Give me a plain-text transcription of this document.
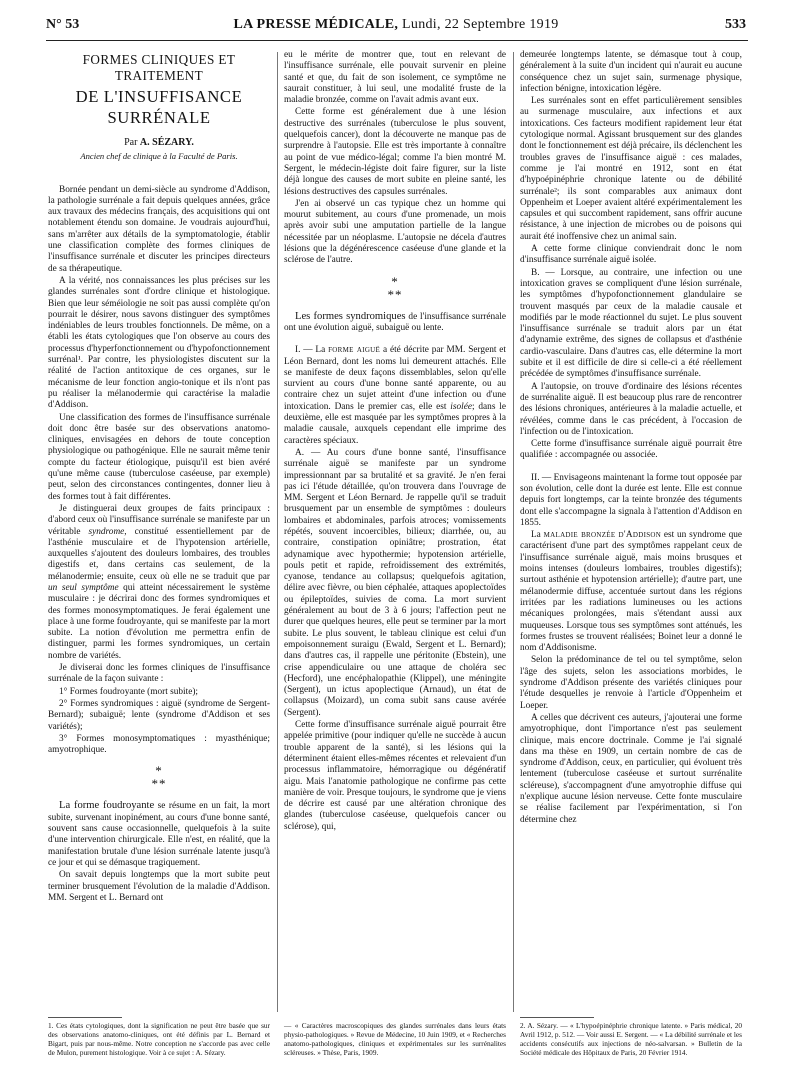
N° 53	LA PRESSE MÉDICALE, Lundi, 22 Septembre 1919	533
FORMES CLINIQUES ET TRAITEMENT
DE L'INSUFFISANCE SURRÉNALE
Par A. SÉZARY.
Ancien chef de clinique à la Faculté de Paris.

Bornée pendant un demi-siècle au syndrome d'Addison, la pathologie surrénale a fait depuis quelques années, grâce aux travaux des médecins français, des acquisitions qui ont notablement étendu son domaine. Je voudrais aujourd'hui, sans m'arrêter aux détails de la symptomatologie, établir une classification complète des formes cliniques de l'insuffisance surrénale et discuter les principes directeurs de sa thérapeutique.

A la vérité, nos connaissances les plus précises sur les glandes surrénales sont d'ordre clinique et histologique. Bien que leur séméiologie ne soit pas aussi complète qu'on pourrait le désirer, nous savons distinguer des symptômes indéniables de leurs troubles fonctionnels. De même, on a établi les états cytologiques que l'on observe au cours des processus d'hyperfonctionnement ou d'hypofonctionnement surrénal¹. Par contre, les physiologistes discutent sur la réalité de l'action antitoxique de ces organes, sur le mécanisme de leur fonction angio-tonique et ils n'ont pas pu réaliser la mélanodermie qui caractérise la maladie d'Addison.

Une classification des formes de l'insuffisance surrénale doit donc être basée sur des observations anatomo-cliniques, envisagées en dehors de toute conception physiologique ou pathogénique. Elle ne saurait même tenir compte du facteur étiologique, puisqu'il est bien avéré qu'une même cause (tuberculose caséeuse, par exemple) peut, selon des circonstances contingentes, donner lieu à des formes tout à fait différentes.

Je distinguerai deux groupes de faits principaux : d'abord ceux où l'insuffisance surrénale se manifeste par un véritable syndrome, constitué essentiellement par de l'asthénie musculaire et de l'hypotension artérielle, auxquelles s'ajoutent des douleurs lombaires, des troubles digestifs et, dans certains cas seulement, de la mélanodermie; ensuite, ceux où elle ne se traduit que par un seul symptôme qui atteint nécessairement le système musculaire : je décrirai donc des formes syndromiques et des formes monosymptomatiques. Je ferai également une place à une forme foudroyante, qui se manifeste par la mort subite. La notion d'évolution me permettra enfin de distinguer, parmi les formes syndromiques, un certain nombre de variétés.

Je diviserai donc les formes cliniques de l'insuffisance surrénale de la façon suivante :

1° Formes foudroyante (mort subite);

2° Formes syndromiques : aiguë (syndrome de Sergent-Bernard); subaiguë; lente (syndrome d'Addison et ses variétés);

3° Formes monosymptomatiques : myasthénique; amyotrophique.

*
**

La forme foudroyante se résume en un fait, la mort subite, survenant inopinément, au cours d'une bonne santé, souvent sans cause occasionnelle, quelquefois à la suite d'une intervention chirurgicale. Elle n'est, en réalité, que la manifestation brutale d'une lésion surrénale latente jusqu'à ce jour et qui se démasque tragiquement.

On savait depuis longtemps que la mort subite peut terminer brusquement l'évolution de la maladie d'Addison. MM. Sergent et L. Bernard ont

eu le mérite de montrer que, tout en relevant de l'insuffisance surrénale, elle pouvait survenir en pleine santé et que, du fait de son isolement, ce symptôme ne saurait constituer, à lui seul, une modalité fruste de la maladie bronzée, comme on l'avait admis avant eux.

Cette forme est généralement due à une lésion destructive des surrénales (tuberculose le plus souvent, quelquefois cancer), dont la découverte ne manque pas de surprendre à l'autopsie. Elle est très importante à connaître au point de vue médico-légal; comme l'a bien montré M. Sergent, le médecin-légiste doit faire figurer, sur la liste déjà longue des causes de mort subite en pleine santé, les lésions destructives des capsules surrénales.

J'en ai observé un cas typique chez un homme qui mourut subitement, au cours d'une promenade, un mois après avoir subi une amputation partielle de la langue nécessitée par un néoplasme. L'autopsie ne décela d'autres lésions que la dégénérescence caséeuse d'une glande et la sclérose de l'autre.

*
**

Les formes syndromiques de l'insuffisance surrénale ont une évolution aiguë, subaiguë ou lente.

I. — La forme aiguë a été décrite par MM. Sergent et Léon Bernard, dont les noms lui demeurent attachés. Elle se manifeste de deux façons dissemblables, selon qu'elle survient au cours d'une bonne santé apparente, ou au contraire chez un sujet atteint d'une infection ou d'une intoxication. Dans le premier cas, elle est isolée; dans le deuxième, elle est masquée par les symptômes propres à la maladie causale, auxquels cependant elle imprime des caractères spéciaux.

A. — Au cours d'une bonne santé, l'insuffisance surrénale aiguë se manifeste par un syndrome impressionnant par sa brutalité et sa gravité. Je n'en ferai pas ici l'étude détaillée, qu'on trouvera dans l'ouvrage de MM. Sergent et Léon Bernard. Je rappelle qu'il se traduit brusquement par un ensemble de symptômes : douleurs lombaires et abdominales, parfois atroces; vomissements répétés, souvent incoercibles, bilieux; diarrhée, ou, au contraire, constipation opiniâtre; prostration, état adynamique avec hypothermie; hypotension artérielle, pouls petit et rapide, refroidissement des extrémités, cyanose, tendance au collapsus; quelquefois agitation, délire avec fièvre, ou bien céphalée, attaques apoplectoïdes ou épileptoïdes, suivies de coma. La mort survient généralement au bout de 3 à 6 jours; l'affection peut ne durer que quelques heures, elle peut se terminer par la mort subite. Le plus souvent, le tableau clinique est celui d'un empoisonnement suraigu (Ewald, Sergent et L. Bernard); dans d'autres cas, il rappelle une péritonite (Ebstein), une crise appendiculaire ou une attaque de choléra sec (Hecford), une encéphalopathie (Klippel), une méningite (Sergent), un ictus apoplectique (Arnaud), un état de collapsus (Moizard), un coma subit sans cause avérée (Sergent).

Cette forme d'insuffisance surrénale aiguë pourrait être appelée primitive (pour indiquer qu'elle ne succède à aucun trouble apparent de la santé), si les lésions qui la déterminent étaient elles-mêmes récentes et relevaient d'un processus inflammatoire, hémorragique ou dégénératif aigu. Mais l'anatomie pathologique ne confirme pas cette manière de voir. Presque toujours, le syndrome que je viens de décrire est causé par une altération chronique des glandes (tuberculose caséeuse, quelquefois cancer ou sclérose), qui,

demeurée longtemps latente, se démasque tout à coup, généralement à la suite d'un incident qui n'aurait eu aucune conséquence chez un sujet sain, surmenage physique, infection bénigne, intoxication légère.

Les surrénales sont en effet particulièrement sensibles au surmenage musculaire, aux infections et aux intoxications. Ces facteurs modifient rapidement leur état cytologique normal. Agissant brusquement sur des glandes dont le fonctionnement est déjà précaire, ils déclenchent les troubles graves de l'insuffisance aiguë : ces malades, comme je l'ai montré en 1912, sont en état d'hypoépinéphrie chronique latente ou de débilité surrénale²; ils sont comparables aux animaux dont Oppenheim et Loeper avaient altéré expérimentalement les capsules et qui succombent rapidement, sans offrir aucune résistance, à une injection de microbes ou de poisons qui aurait été inoffensive chez un animal sain.

A cette forme clinique conviendrait donc le nom d'insuffisance surrénale aiguë isolée.

B. — Lorsque, au contraire, une infection ou une intoxication graves se compliquent d'une lésion surrénale, les symptômes d'hypofonctionnement glandulaire se trouvent masqués par ceux de la maladie causale et modifiés par le mode réactionnel du sujet. Le plus souvent l'insuffisance surrénale se traduit alors par un état d'adynamie extrême, des signes de collapsus et d'asthénie cardio-vasculaire. Dans d'autres cas, elle détermine la mort subite et il est difficile de dire si celle-ci a été réellement précédée de symptômes d'insuffisance surrénale.

A l'autopsie, on trouve d'ordinaire des lésions récentes de surrénalite aiguë. Il est beaucoup plus rare de rencontrer des lésions chroniques, antérieures à la maladie actuelle, et révélées, comme dans le cas précédent, à l'occasion de l'infection ou de l'intoxication.

Cette forme d'insuffisance surrénale aiguë pourrait être qualifiée : accompagnée ou associée.

II. — Envisageons maintenant la forme tout opposée par son évolution, celle dont la durée est lente. Elle est connue depuis fort longtemps, car la teinte bronzée des téguments dont elle s'accompagne la signala à l'attention d'Addison en 1855.

La maladie bronzée d'Addison est un syndrome que caractérisent d'une part des symptômes rappelant ceux de l'insuffisance surrénale aiguë, mais moins brusques et moins intenses (douleurs lombaires, troubles digestifs); surtout asthénie et hypotension artérielle); d'autre part, une mélanodermie diffuse, accentuée surtout dans les régions irritées par les radiations lumineuses ou les actions mécaniques prolongées, mais s'étendant aussi aux muqueuses. Lorsque tous ses symptômes sont atténués, les formes frustes se trouvent réalisées; Boinet leur a donné le nom d'Addisonisme.

Selon la prédominance de tel ou tel symptôme, selon l'âge des sujets, selon les associations morbides, le syndrome d'Addison présente des variétés cliniques pour l'étude desquelles je renvoie à l'article d'Oppenheim et Loeper.

A celles que décrivent ces auteurs, j'ajouterai une forme amyotrophique, dont l'importance n'est pas seulement clinique, mais encore doctrinale. Comme je l'ai signalé dans ma thèse en 1909, un certain nombre de cas de syndrome d'Addison, ceux, en particulier, qui évoluent très lentement (tuberculose caséeuse et surtout surrénalite scléreuse), s'accompagnent d'une amyotrophie diffuse qui n'explique aucune lésion nerveuse. Cette fonte musculaire se réalise facilement par l'expérimentation, si l'on détermine chez

1. Ces états cytologiques, dont la signification ne peut être basée que sur des observations anatomo-cliniques, ont été définis par L. Bernard et Bigart, puis par nous-même. Notre conception ne s'accorde pas avec celle de Mulon, purement histologique. Voir à ce sujet : A. Sézary.
— « Caractères macroscopiques des glandes surrénales dans leurs états physio-pathologiques. » Revue de Médecine, 10 Juin 1909, et « Recherches anatomo-pathologiques, cliniques et expérimentales sur les surrénalites scléreuses. » Thèse, Paris, 1909.
2. A. Sézary. — « L'hypoépinéphrie chronique latente. » Paris médical, 20 Avril 1912, p. 512. — Voir aussi E. Sergent. — « La débilité surrénale et les accidents consécutifs aux injections de néo-salvarsan. » Bulletin de la Société médicale des Hôpitaux de Paris, 20 Février 1914.
